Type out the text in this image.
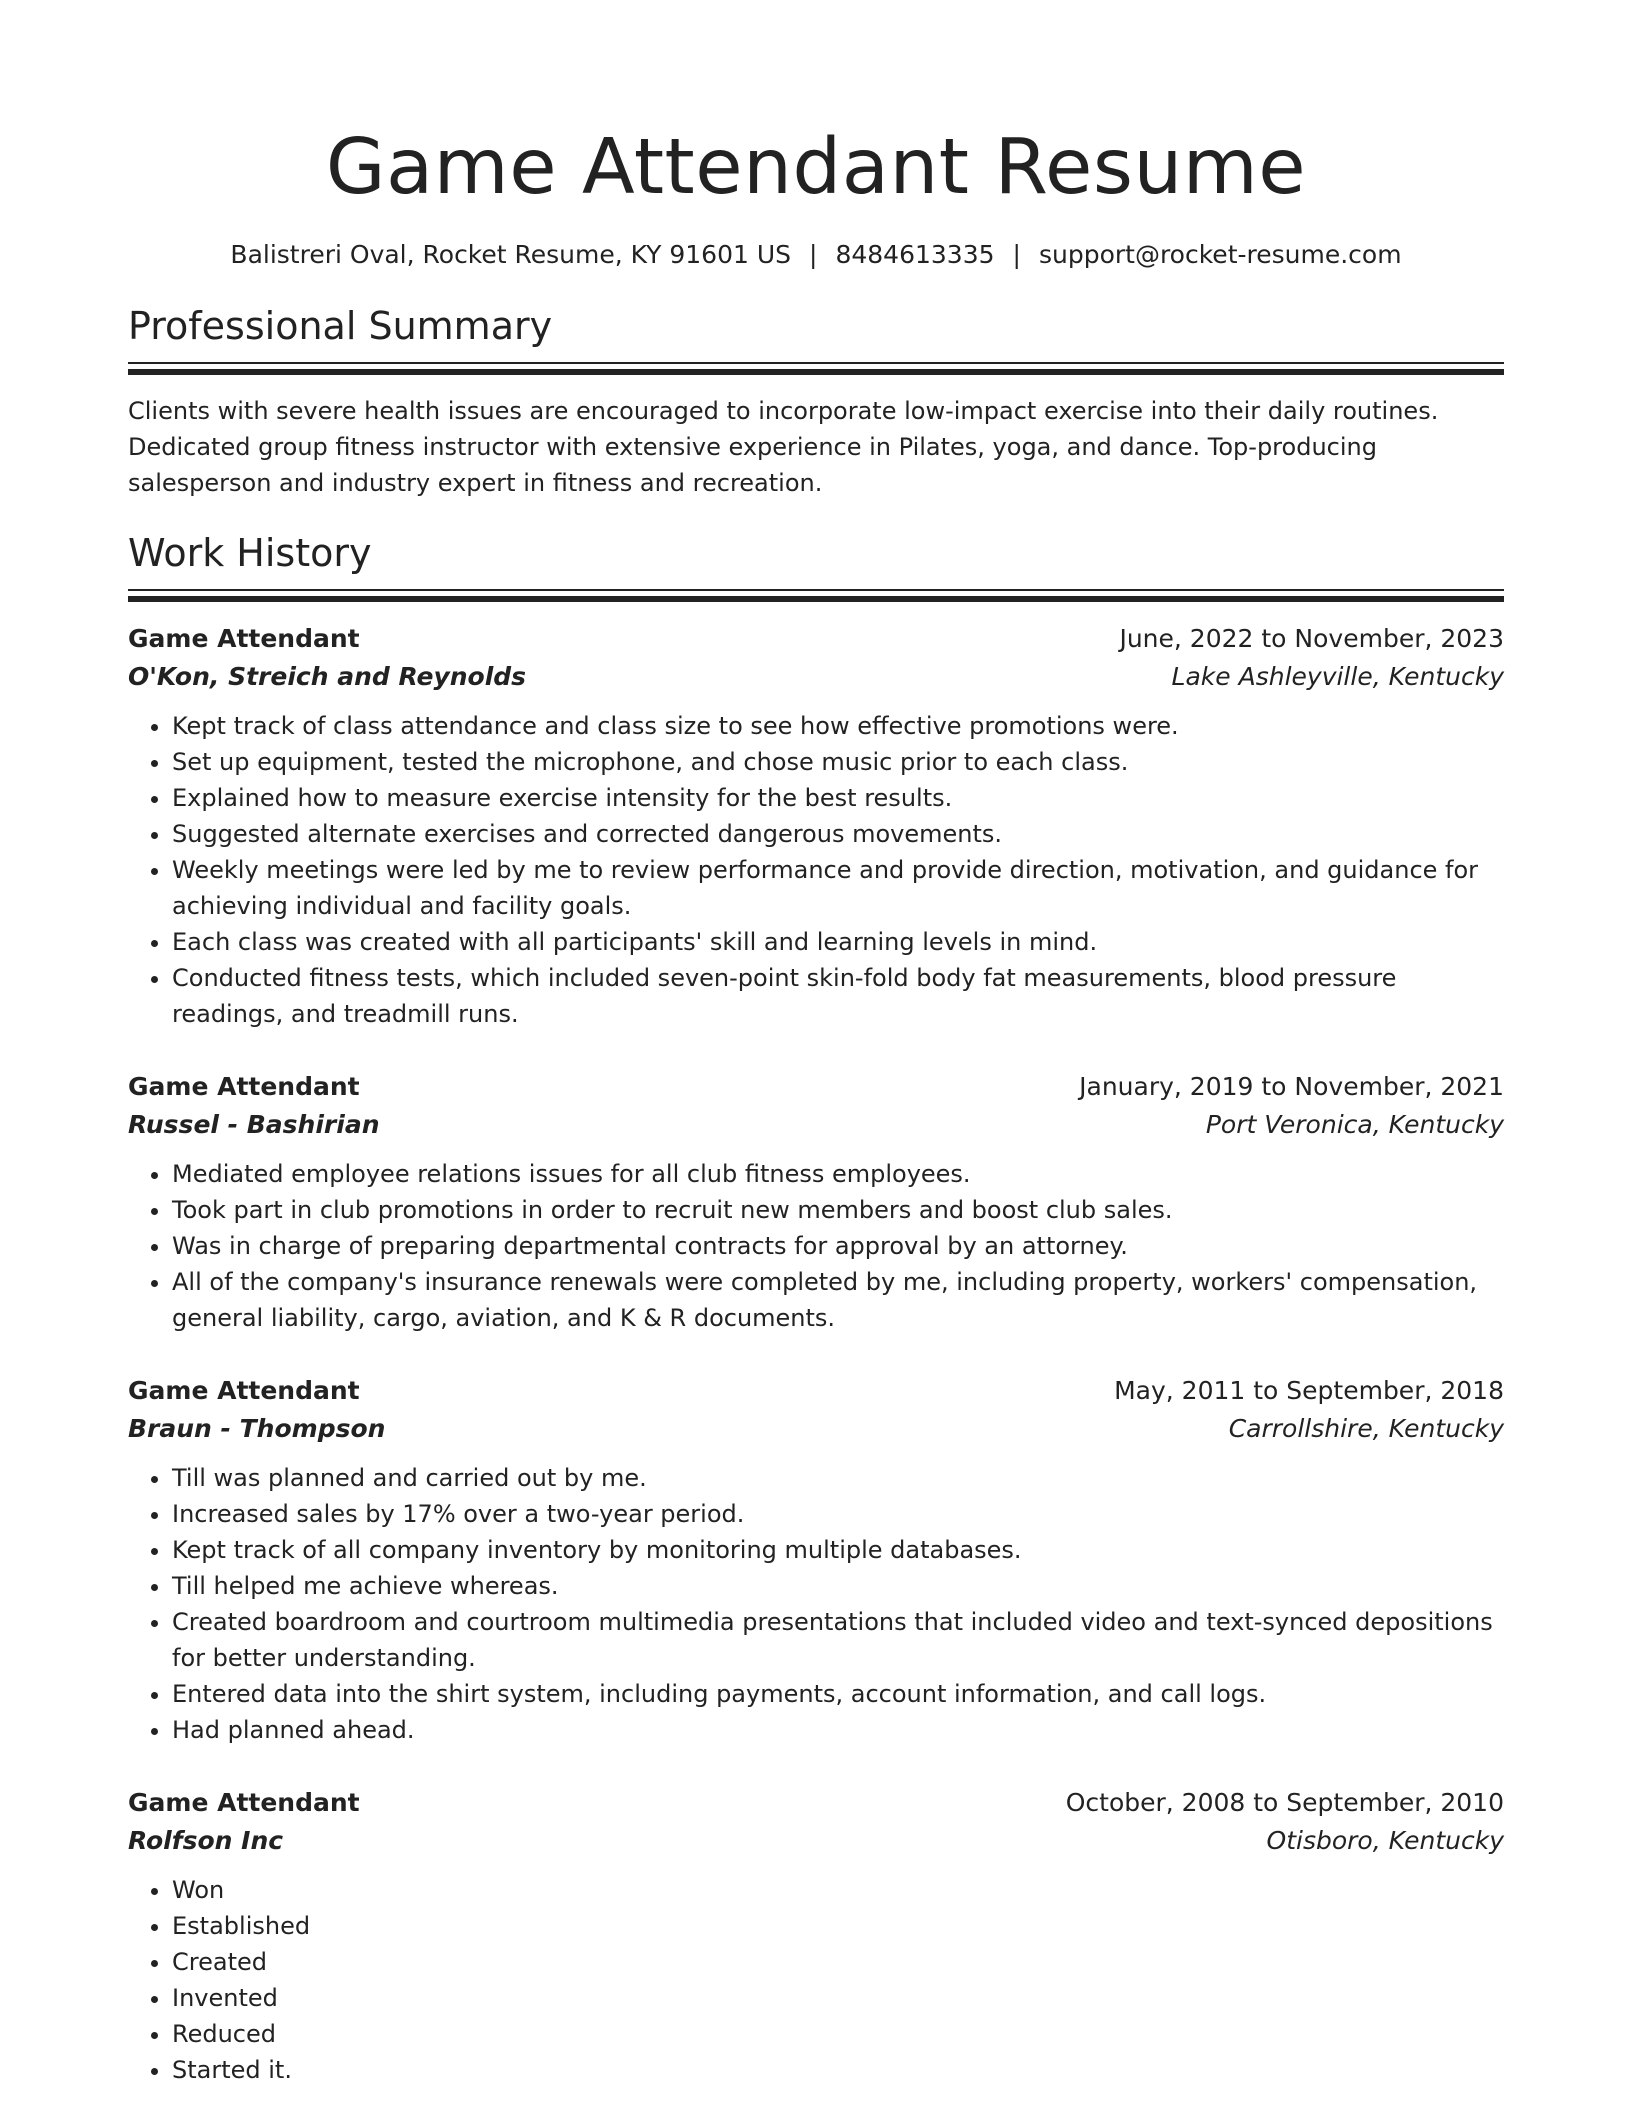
Game Attendant Resume
Balistreri Oval, Rocket Resume, KY 91601 US | 8484613335 | support@rocket-resume.com
Professional Summary

Clients with severe health issues are encouraged to incorporate low-impact exercise into their daily routines. Dedicated group fitness instructor with extensive experience in Pilates, yoga, and dance. Top-producing salesperson and industry expert in fitness and recreation.

Work History
Game Attendant	June, 2022 to November, 2023
O'Kon, Streich and Reynolds	Lake Ashleyville, Kentucky
• Kept track of class attendance and class size to see how effective promotions were.
• Set up equipment, tested the microphone, and chose music prior to each class.
• Explained how to measure exercise intensity for the best results.
• Suggested alternate exercises and corrected dangerous movements.
• Weekly meetings were led by me to review performance and provide direction, motivation, and guidance for achieving individual and facility goals.
• Each class was created with all participants' skill and learning levels in mind.
• Conducted fitness tests, which included seven-point skin-fold body fat measurements, blood pressure readings, and treadmill runs.
Game Attendant	January, 2019 to November, 2021
Russel - Bashirian	Port Veronica, Kentucky
• Mediated employee relations issues for all club fitness employees.
• Took part in club promotions in order to recruit new members and boost club sales.
• Was in charge of preparing departmental contracts for approval by an attorney.
• All of the company's insurance renewals were completed by me, including property, workers' compensation, general liability, cargo, aviation, and K & R documents.
Game Attendant	May, 2011 to September, 2018
Braun - Thompson	Carrollshire, Kentucky
• Till was planned and carried out by me.
• Increased sales by 17% over a two-year period.
• Kept track of all company inventory by monitoring multiple databases.
• Till helped me achieve whereas.
• Created boardroom and courtroom multimedia presentations that included video and text-synced depositions for better understanding.
• Entered data into the shirt system, including payments, account information, and call logs.
• Had planned ahead.
Game Attendant	October, 2008 to September, 2010
Rolfson Inc	Otisboro, Kentucky
• Won
• Established
• Created
• Invented
• Reduced
• Started it.
